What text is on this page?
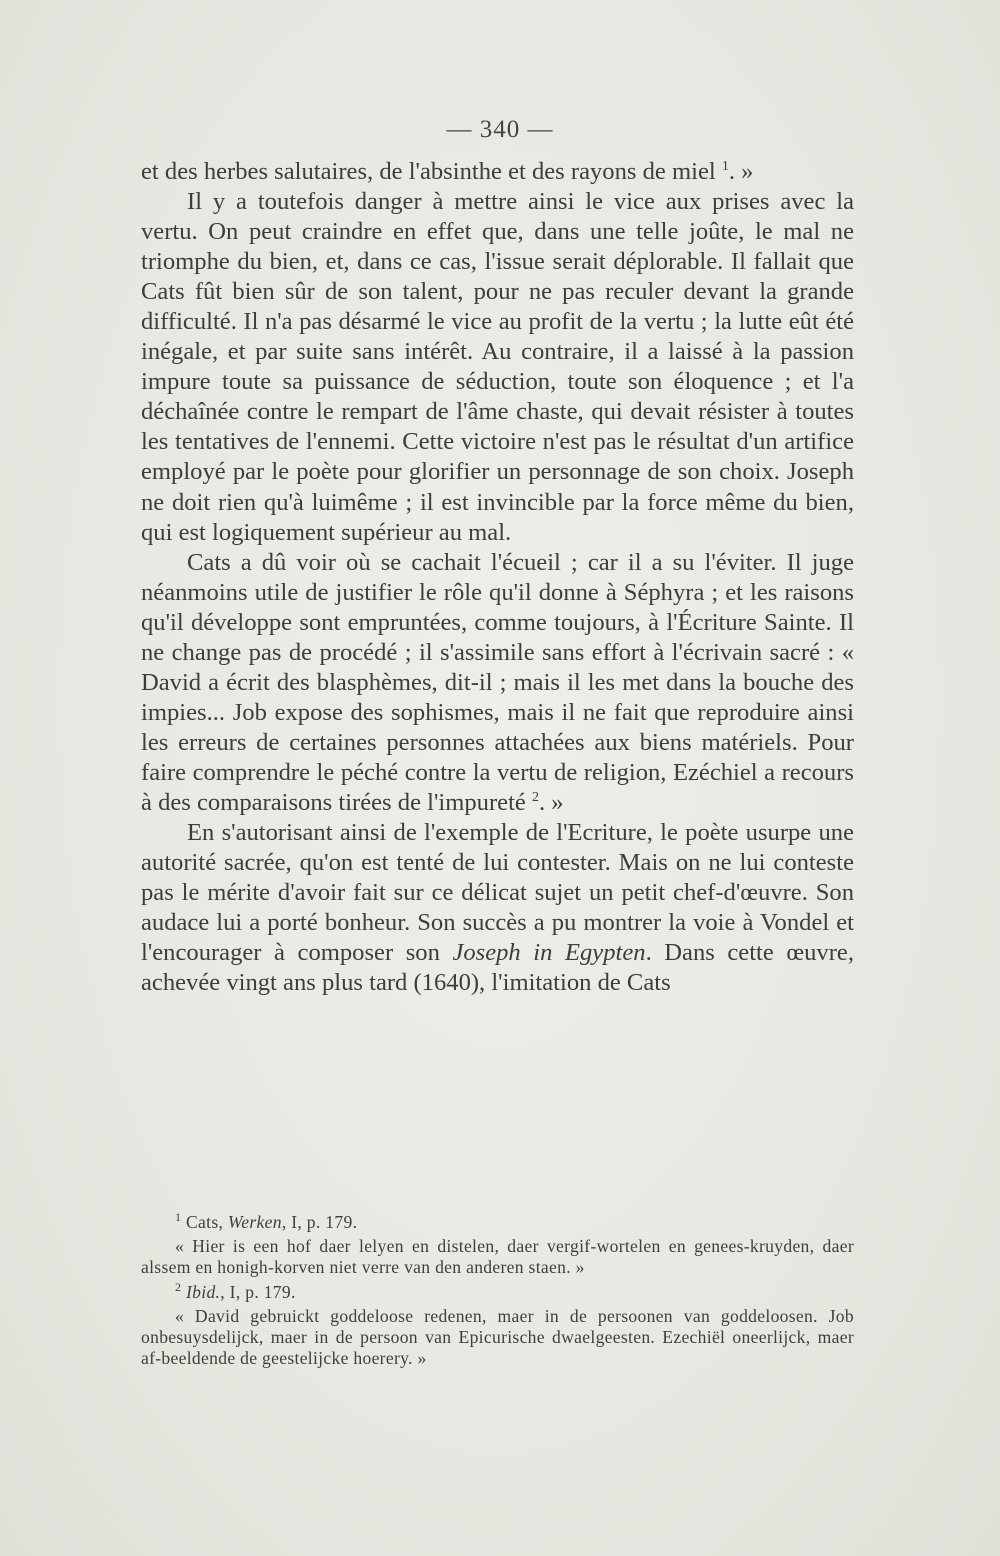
— 340 —

et des herbes salutaires, de l'absinthe et des rayons de miel $^1$. »

Il y a toutefois danger à mettre ainsi le vice aux prises avec la vertu. On peut craindre en effet que, dans une telle joûte, le mal ne triomphe du bien, et, dans ce cas, l'issue serait déplorable. Il fallait que Cats fût bien sûr de son talent, pour ne pas reculer devant la grande difficulté. Il n'a pas désarmé le vice au profit de la vertu ; la lutte eût été inégale, et par suite sans intérêt. Au contraire, il a laissé à la passion impure toute sa puissance de séduction, toute son éloquence ; et l'a déchaînée contre le rempart de l'âme chaste, qui devait résister à toutes les tentatives de l'ennemi. Cette victoire n'est pas le résultat d'un artifice employé par le poète pour glorifier un personnage de son choix. Joseph ne doit rien qu'à luimême ; il est invincible par la force même du bien, qui est logiquement supérieur au mal.

Cats a dû voir où se cachait l'écueil ; car il a su l'éviter. Il juge néanmoins utile de justifier le rôle qu'il donne à Séphyra ; et les raisons qu'il développe sont empruntées, comme toujours, à l'Écriture Sainte. Il ne change pas de procédé ; il s'assimile sans effort à l'écrivain sacré : « David a écrit des blasphèmes, dit-il ; mais il les met dans la bouche des impies... Job expose des sophismes, mais il ne fait que reproduire ainsi les erreurs de certaines personnes attachées aux biens matériels. Pour faire comprendre le péché contre la vertu de religion, Ezéchiel a recours à des comparaisons tirées de l'impureté $^2$. »

En s'autorisant ainsi de l'exemple de l'Ecriture, le poète usurpe une autorité sacrée, qu'on est tenté de lui contester. Mais on ne lui conteste pas le mérite d'avoir fait sur ce délicat sujet un petit chef-d'œuvre. Son audace lui a porté bonheur. Son succès a pu montrer la voie à Vondel et l'encourager à composer son Joseph in Egypten. Dans cette œuvre, achevée vingt ans plus tard (1640), l'imitation de Cats

$^1$ Cats, Werken, I, p. 179.

« Hier is een hof daer lelyen en distelen, daer vergif-wortelen en genees-kruyden, daer alssem en honigh-korven niet verre van den anderen staen. »

$^2$ Ibid., I, p. 179.

« David gebruickt goddeloose redenen, maer in de persoonen van goddeloosen. Job onbesuysdelijck, maer in de persoon van Epicurische dwaelgeesten. Ezechiël oneerlijck, maer af-beeldende de geestelijcke hoerery. »
